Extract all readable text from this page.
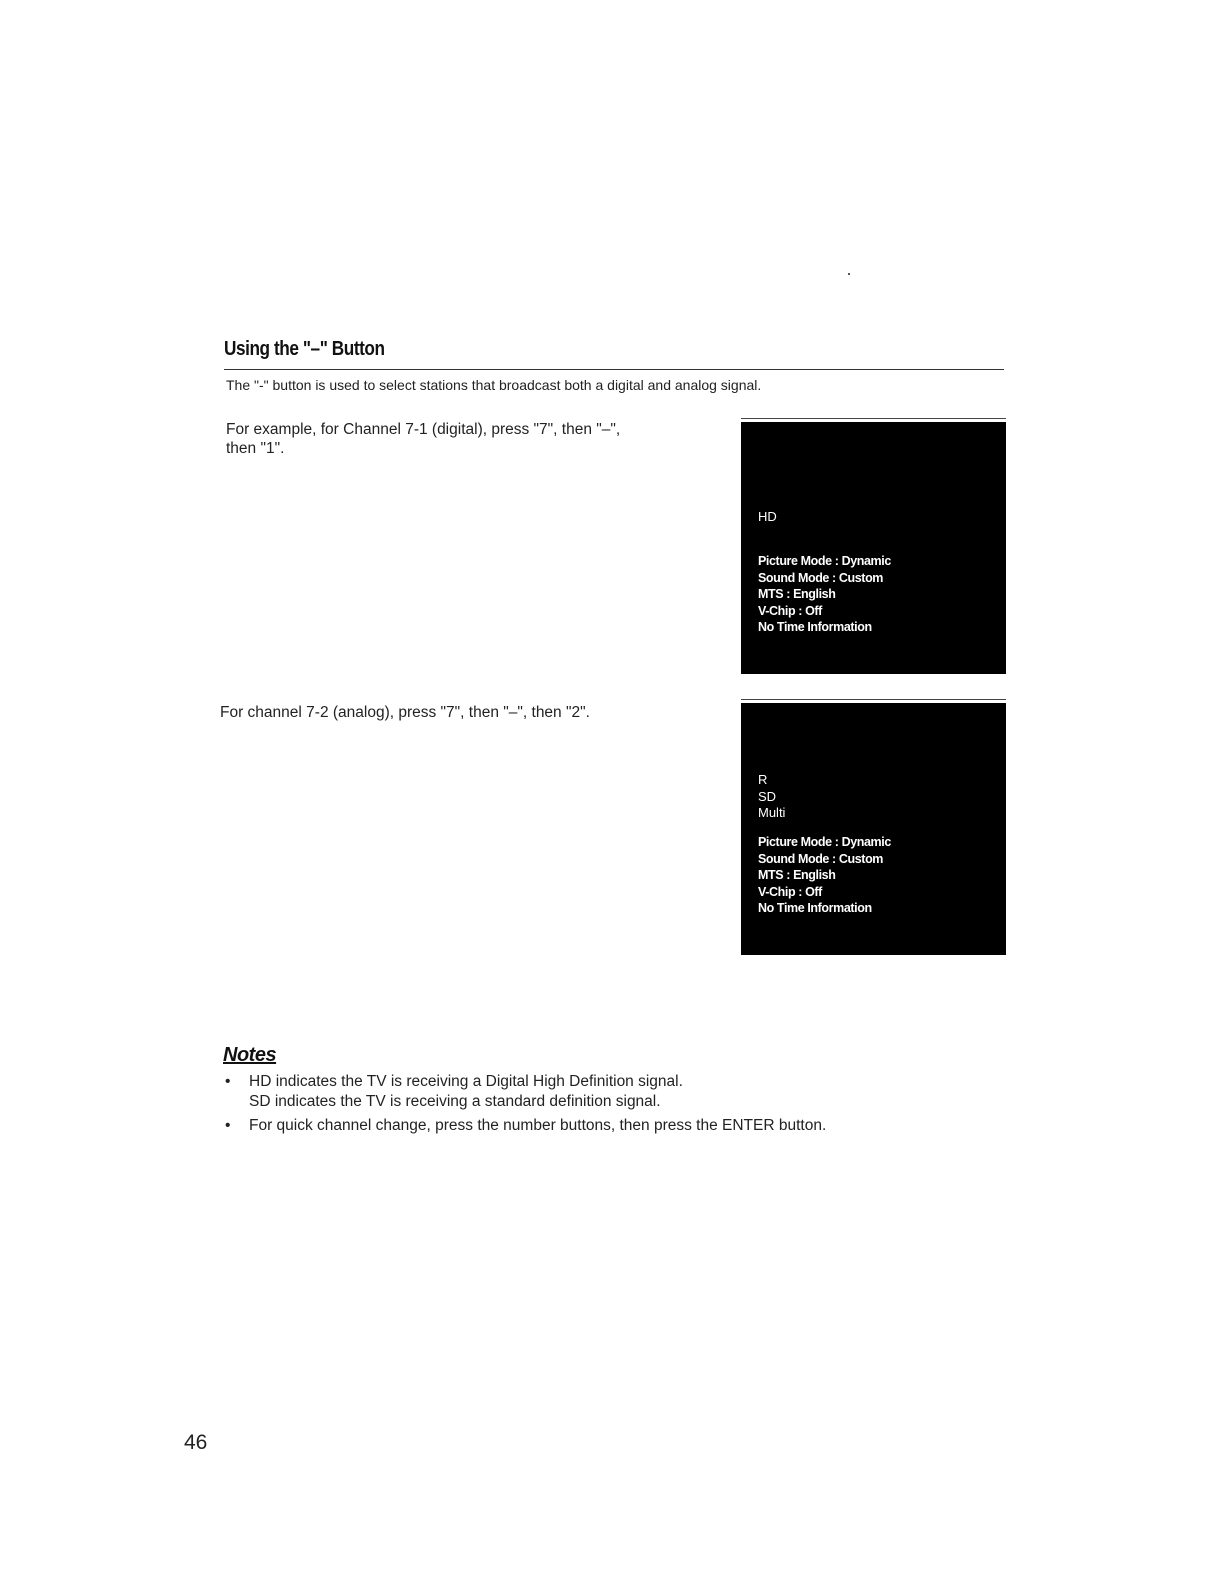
Using the "–" Button
The "-" button is used to select stations that broadcast both a digital and analog signal.
For example, for Channel 7-1 (digital), press "7", then "–",
then "1".
HD
Picture Mode : Dynamic
Sound Mode : Custom
MTS : English
V-Chip : Off
No Time Information
For channel 7-2 (analog), press "7", then "–", then "2".
R
SD
Multi
Picture Mode : Dynamic
Sound Mode : Custom
MTS : English
V-Chip : Off
No Time Information
Notes
• HD indicates the TV is receiving a Digital High Definition signal.
SD indicates the TV is receiving a standard definition signal.
• For quick channel change, press the number buttons, then press the ENTER button.
46
